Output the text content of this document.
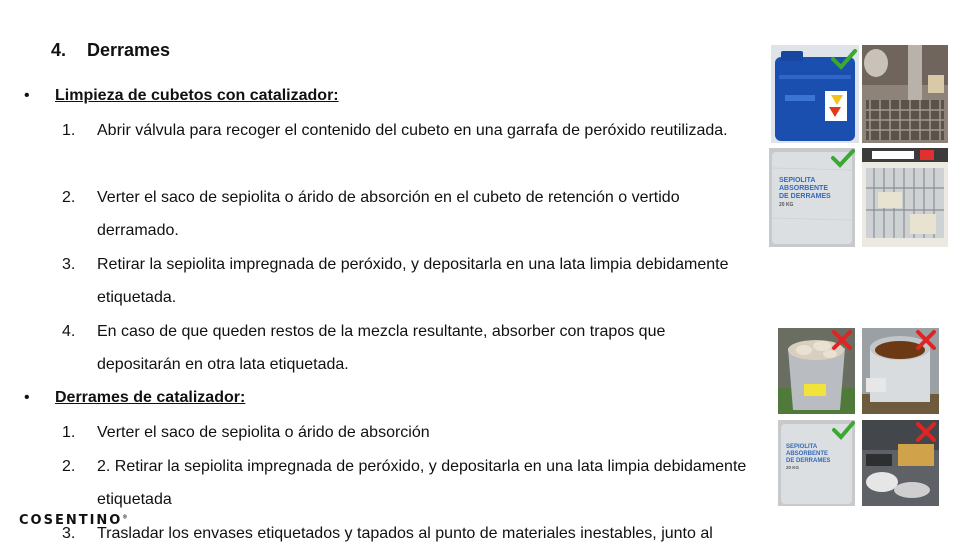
4. Derrames
• Limpieza de cubetos con catalizador:
1.	Abrir válvula para recoger el contenido del cubeto en una garrafa de peróxido reutilizada.
2.	Verter el saco de sepiolita o árido de absorción en el cubeto de retención o vertido derramado.
3.	Retirar la sepiolita impregnada de peróxido, y depositarla en una lata limpia debidamente etiquetada.
4.	En caso de que queden restos de la mezcla resultante, absorber con trapos que depositarán en otra lata etiquetada.
• Derrames de catalizador:
1.	Verter el saco de sepiolita o árido de absorción
2.	2. Retirar la sepiolita impregnada de peróxido, y depositarla en una lata limpia debidamente etiquetada
3.	Trasladar los envases etiquetados y tapados al punto de materiales inestables, junto al
SEPIOLITA ABSORBENTE DE DERRAMES 20 KG
SEPIOLITA ABSORBENTE DE DERRAMES 20 KG
COSENTINO®
